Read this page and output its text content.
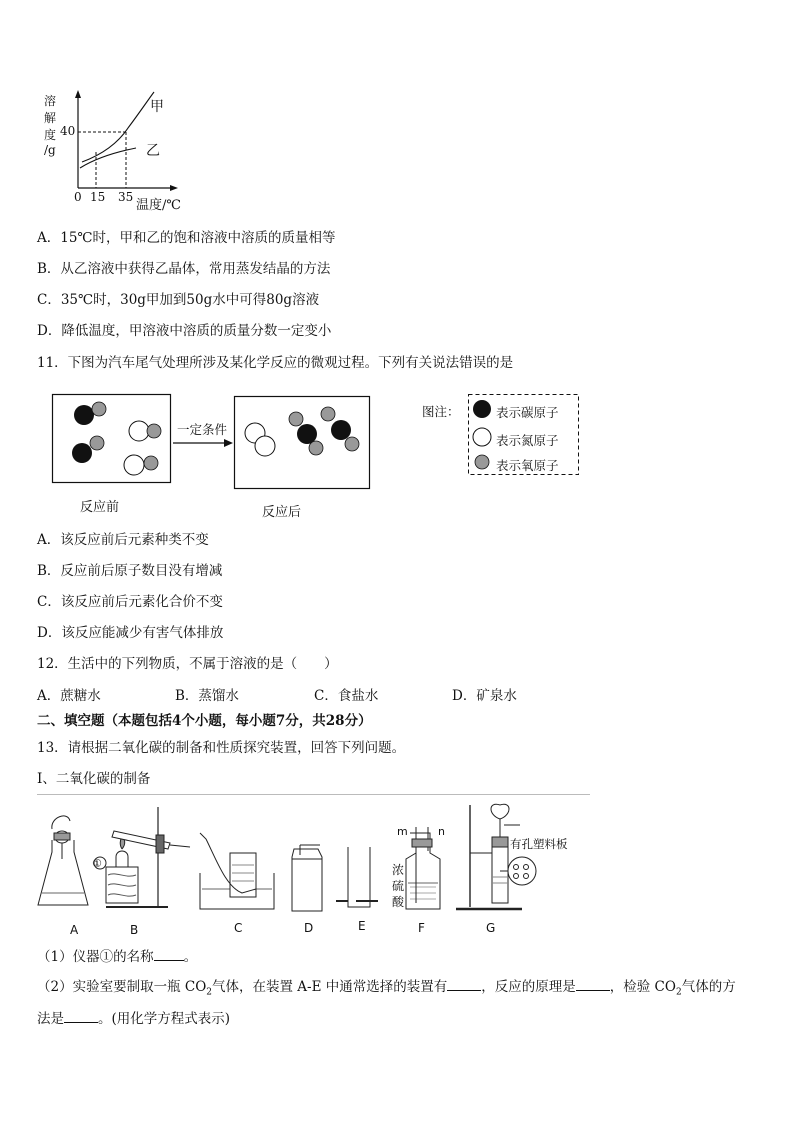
溶
解
度
/g
40
0 15 35
温度/℃
甲
乙
A．15℃时，甲和乙的饱和溶液中溶质的质量相等
B．从乙溶液中获得乙晶体，常用蒸发结晶的方法
C．35℃时，30g甲加到50g水中可得80g溶液
D．降低温度，甲溶液中溶质的质量分数一定变小
11．下图为汽车尾气处理所涉及某化学反应的微观过程。下列有关说法错误的是
一定条件
反应前	反应后
图注：	表示碳原子
表示氮原子
表示氧原子
A．该反应前后元素种类不变
B．反应前后原子数目没有增减
C．该反应前后元素化合价不变
D．该反应能减少有害气体排放
12．生活中的下列物质，不属于溶液的是（　　）
A．蔗糖水	B．蒸馏水	C．食盐水	D．矿泉水
二、填空题（本题包括4个小题，每小题7分，共28分）
13．请根据二氧化碳的制备和性质探究装置，回答下列问题。
Ⅰ、二氧化碳的制备
①
m	n
浓
硫
酸
有孔塑料板
A	B	C	D	E	F	G
（1）仪器①的名称 。
（2）实验室要制取一瓶 $CO_2$气体，在装置 A-E 中通常选择的装置有	，反应的原理是	，检验 $CO_2$气体的方
法是	。(用化学方程式表示)
